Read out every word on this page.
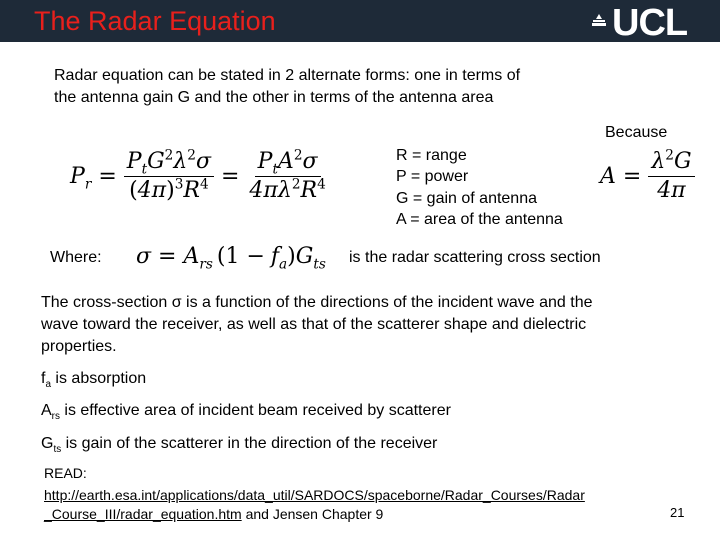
The Radar Equation	UCL
Radar equation can be stated in 2 alternate forms: one in terms of
the antenna gain G and the other in terms of the antenna area
Because
$P_r = \frac{P_tG^2\lambda^2\sigma}{(4\pi)^3R^4} = \frac{P_tA^2\sigma}{4\pi\lambda^2R^4}$	R = range
P = power
G = gain of antenna
A = area of the antenna
$A = \frac{\lambda^2G}{4\pi}$
Where: $\sigma = A_{rs}$ ($1 - f_a$ ) $G_{ts}$ is the radar scattering cross section
The cross-section σ is a function of the directions of the incident wave and the
wave toward the receiver, as well as that of the scatterer shape and dielectric
properties.
$f_a$ is absorption
$A_{rs}$ is effective area of incident beam received by scatterer
$G_{ts}$ is gain of the scatterer in the direction of the receiver
READ:
http://earth.esa.int/applications/data_util/SARDOCS/spaceborne/Radar_Courses/Radar
_Course_III/radar_equation.htm and Jensen Chapter 9	21
